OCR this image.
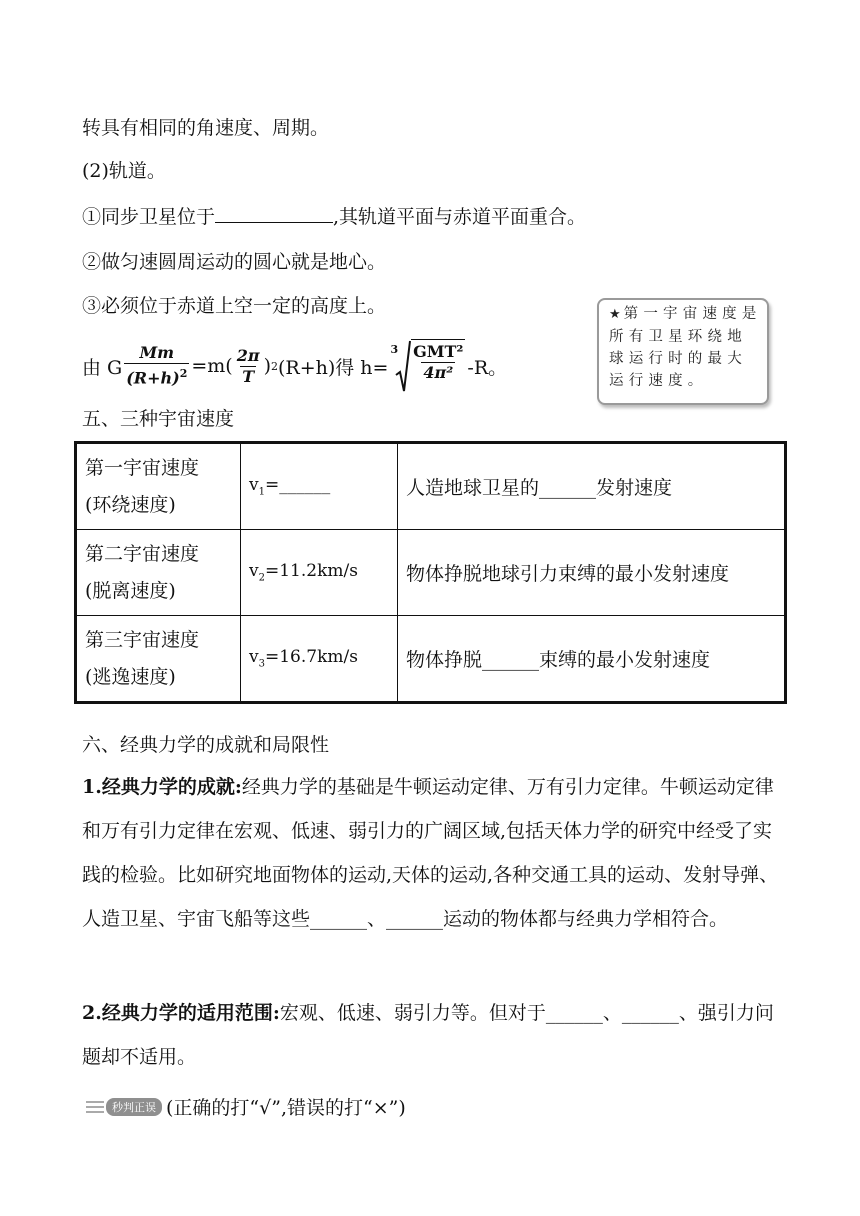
转具有相同的角速度、周期。
(2)轨道。
①同步卫星位于	,其轨道平面与赤道平面重合。
②做匀速圆周运动的圆心就是地心。
③必须位于赤道上空一定的高度上。	★ 第一宇宙速度是所有卫星环绕地球运行时的最大运行速度。
由 G $\frac{Mm}{(R+h)^2} =m( \frac{2\pi}{T}$ ) 2 (R+h)得 h=
$3 \frac{\text{GMT²}}{\text{4π²}} -R$。
五、三种宇宙速度
第一宇宙速度
(环绕速度)	$v_1=\_\_\_\_\_\_$	人造地球卫星的______发射速度
第二宇宙速度
(脱离速度)	$v_2=11.2km/s$	物体挣脱地球引力束缚的最小发射速度
第三宇宙速度
(逃逸速度)	$v_3=16.7km/s$	物体挣脱______束缚的最小发射速度
六、经典力学的成就和局限性
1.经典力学的成就:经典力学的基础是牛顿运动定律、万有引力定律。牛顿运动定律和万有引力定律在宏观、低速、弱引力的广阔区域,包括天体力学的研究中经受了实践的检验。比如研究地面物体的运动,天体的运动,各种交通工具的运动、发射导弹、人造卫星、宇宙飞船等这些______、______运动的物体都与经典力学相符合。
2.经典力学的适用范围:宏观、低速、弱引力等。但对于______、______、强引力问题却不适用。
秒判正误 (正确的打“√”,错误的打“×”)
